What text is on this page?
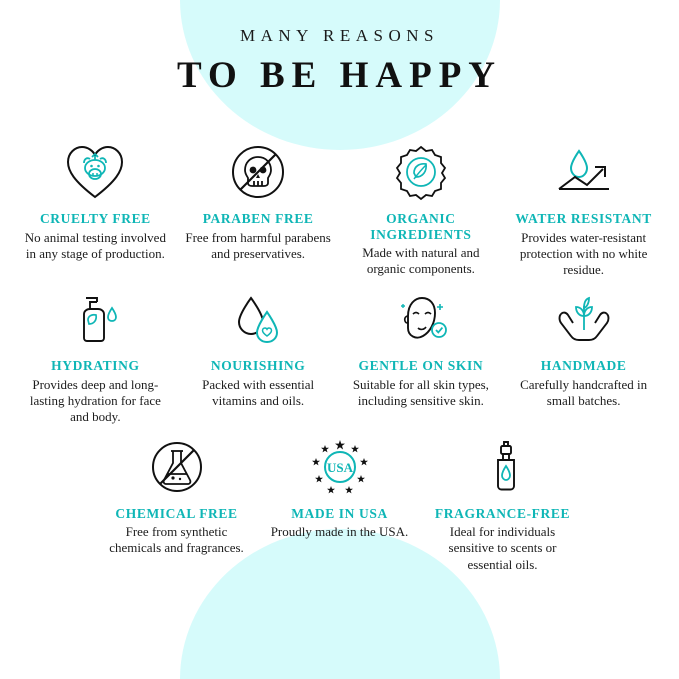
MANY REASONS

TO BE HAPPY

CRUELTY FREE

No animal testing involved in any stage of production.

PARABEN FREE

Free from harmful parabens and preservatives.

ORGANIC INGREDIENTS

Made with natural and organic components.

WATER RESISTANT

Provides water-resistant protection with no white residue.

HYDRATING

Provides deep and long-lasting hydration for face and body.

NOURISHING

Packed with essential vitamins and oils.

GENTLE ON SKIN

Suitable for all skin types, including sensitive skin.

HANDMADE

Carefully handcrafted in small batches.

CHEMICAL FREE

Free from synthetic chemicals and fragrances.

USA

MADE IN USA

Proudly made in the USA.

FRAGRANCE-FREE

Ideal for individuals sensitive to scents or essential oils.
